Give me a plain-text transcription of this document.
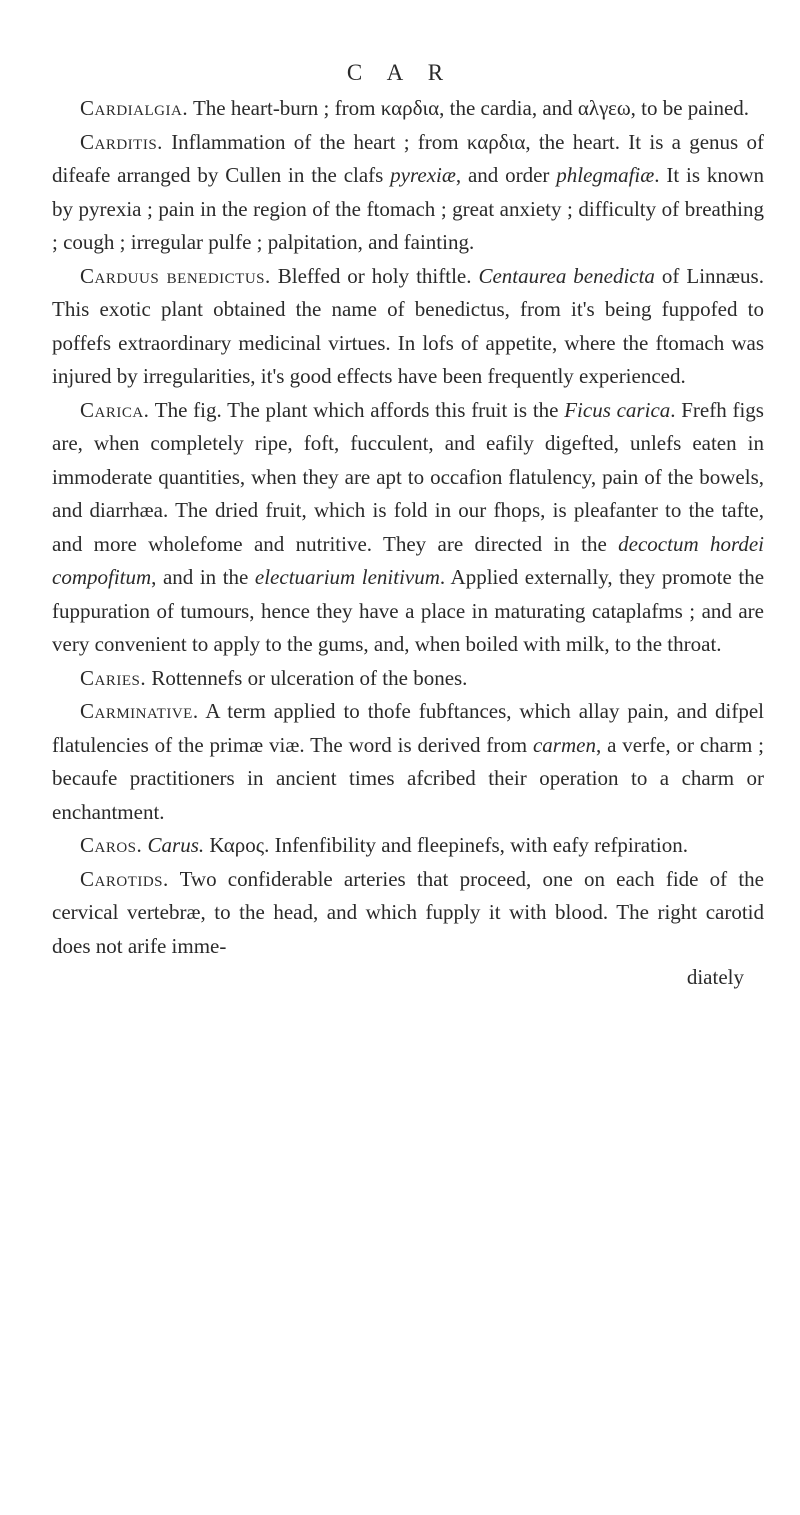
C A R

Cardialgia. The heart-burn ; from καρδια, the cardia, and αλγεω, to be pained.

Carditis. Inflammation of the heart ; from καρδια, the heart. It is a genus of difeafe arranged by Cullen in the clafs pyrexiæ, and order phlegmafiæ. It is known by pyrexia ; pain in the region of the ftomach ; great anxiety ; difficulty of breathing ; cough ; irregular pulfe ; palpitation, and fainting.

Carduus benedictus. Bleffed or holy thiftle. Centaurea benedicta of Linnæus. This exotic plant obtained the name of benedictus, from it's being fuppofed to poffefs extraordinary medicinal virtues. In lofs of appetite, where the ftomach was injured by irregularities, it's good effects have been frequently experienced.

Carica. The fig. The plant which affords this fruit is the Ficus carica. Frefh figs are, when completely ripe, foft, fucculent, and eafily digefted, unlefs eaten in immoderate quantities, when they are apt to occafion flatulency, pain of the bowels, and diarrhæa. The dried fruit, which is fold in our fhops, is pleafanter to the tafte, and more wholefome and nutritive. They are directed in the decoctum hordei compofitum, and in the electuarium lenitivum. Applied externally, they promote the fuppuration of tumours, hence they have a place in maturating cataplafms ; and are very convenient to apply to the gums, and, when boiled with milk, to the throat.

Caries. Rottennefs or ulceration of the bones.

Carminative. A term applied to thofe fubftances, which allay pain, and difpel flatulencies of the primæ viæ. The word is derived from carmen, a verfe, or charm ; becaufe practitioners in ancient times afcribed their operation to a charm or enchantment.

Caros. Carus. Καρος. Infenfibility and fleepinefs, with eafy refpiration.

Carotids. Two confiderable arteries that proceed, one on each fide of the cervical vertebræ, to the head, and which fupply it with blood. The right carotid does not arife imme-

diately
